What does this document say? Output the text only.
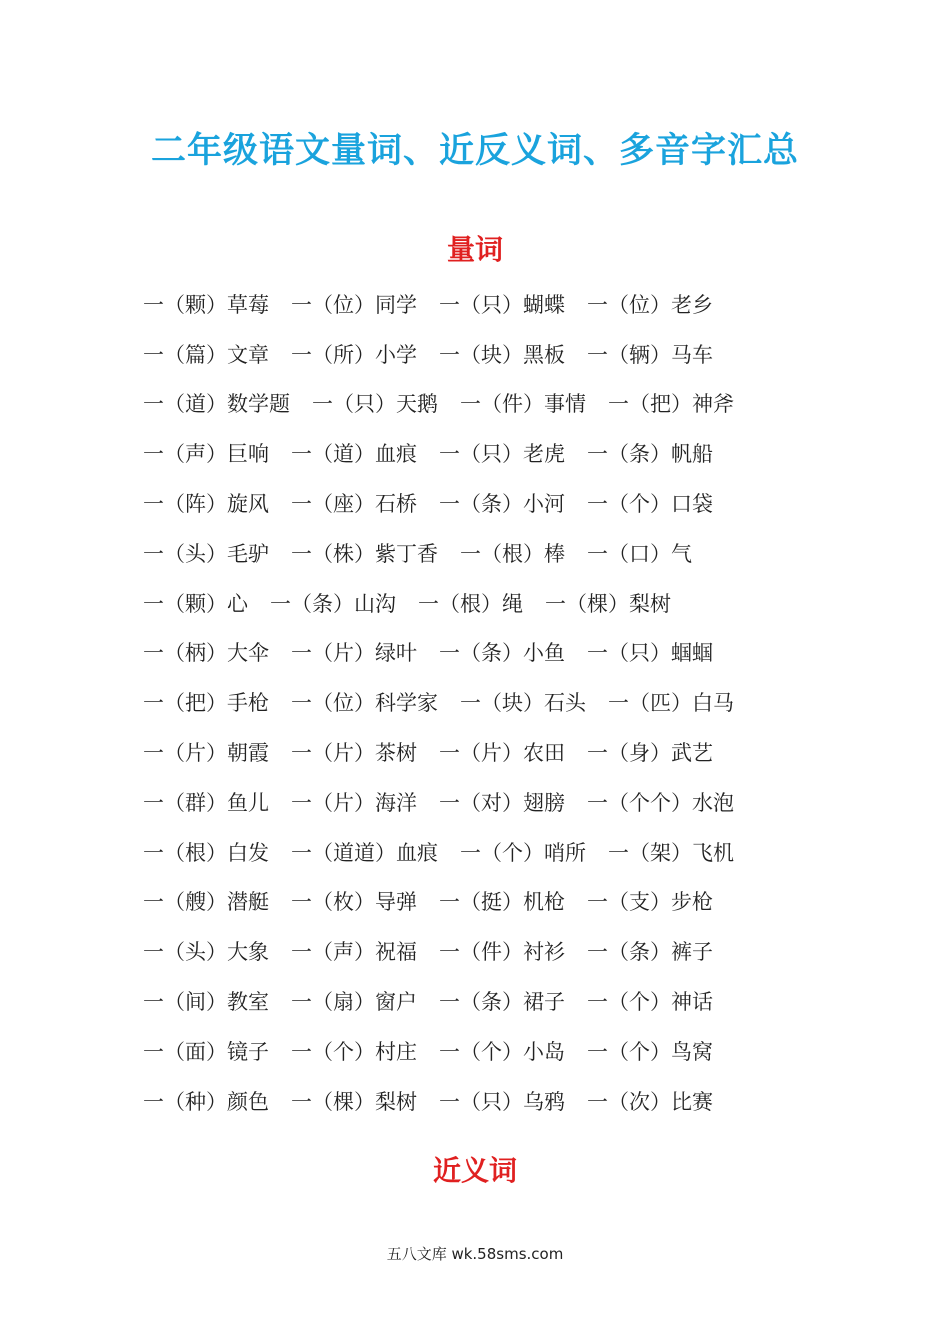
二年级语文量词、近反义词、多音字汇总
量词
一（颗）草莓 一（位）同学 一（只）蝴蝶 一（位）老乡
一（篇）文章 一（所）小学 一（块）黑板 一（辆）马车
一（道）数学题 一（只）天鹅 一（件）事情 一（把）神斧
一（声）巨响 一（道）血痕 一（只）老虎 一（条）帆船
一（阵）旋风 一（座）石桥 一（条）小河 一（个）口袋
一（头）毛驴 一（株）紫丁香 一（根）棒 一（口）气
一（颗）心 一（条）山沟 一（根）绳 一（棵）梨树
一（柄）大伞 一（片）绿叶 一（条）小鱼 一（只）蝈蝈
一（把）手枪 一（位）科学家 一（块）石头 一（匹）白马
一（片）朝霞 一（片）茶树 一（片）农田 一（身）武艺
一（群）鱼儿 一（片）海洋 一（对）翅膀 一（个个）水泡
一（根）白发 一（道道）血痕 一（个）哨所 一（架）飞机
一（艘）潜艇 一（枚）导弹 一（挺）机枪 一（支）步枪
一（头）大象 一（声）祝福 一（件）衬衫 一（条）裤子
一（间）教室 一（扇）窗户 一（条）裙子 一（个）神话
一（面）镜子 一（个）村庄 一（个）小岛 一（个）鸟窝
一（种）颜色 一（棵）梨树 一（只）乌鸦 一（次）比赛
近义词
五八文库 wk.58sms.com
